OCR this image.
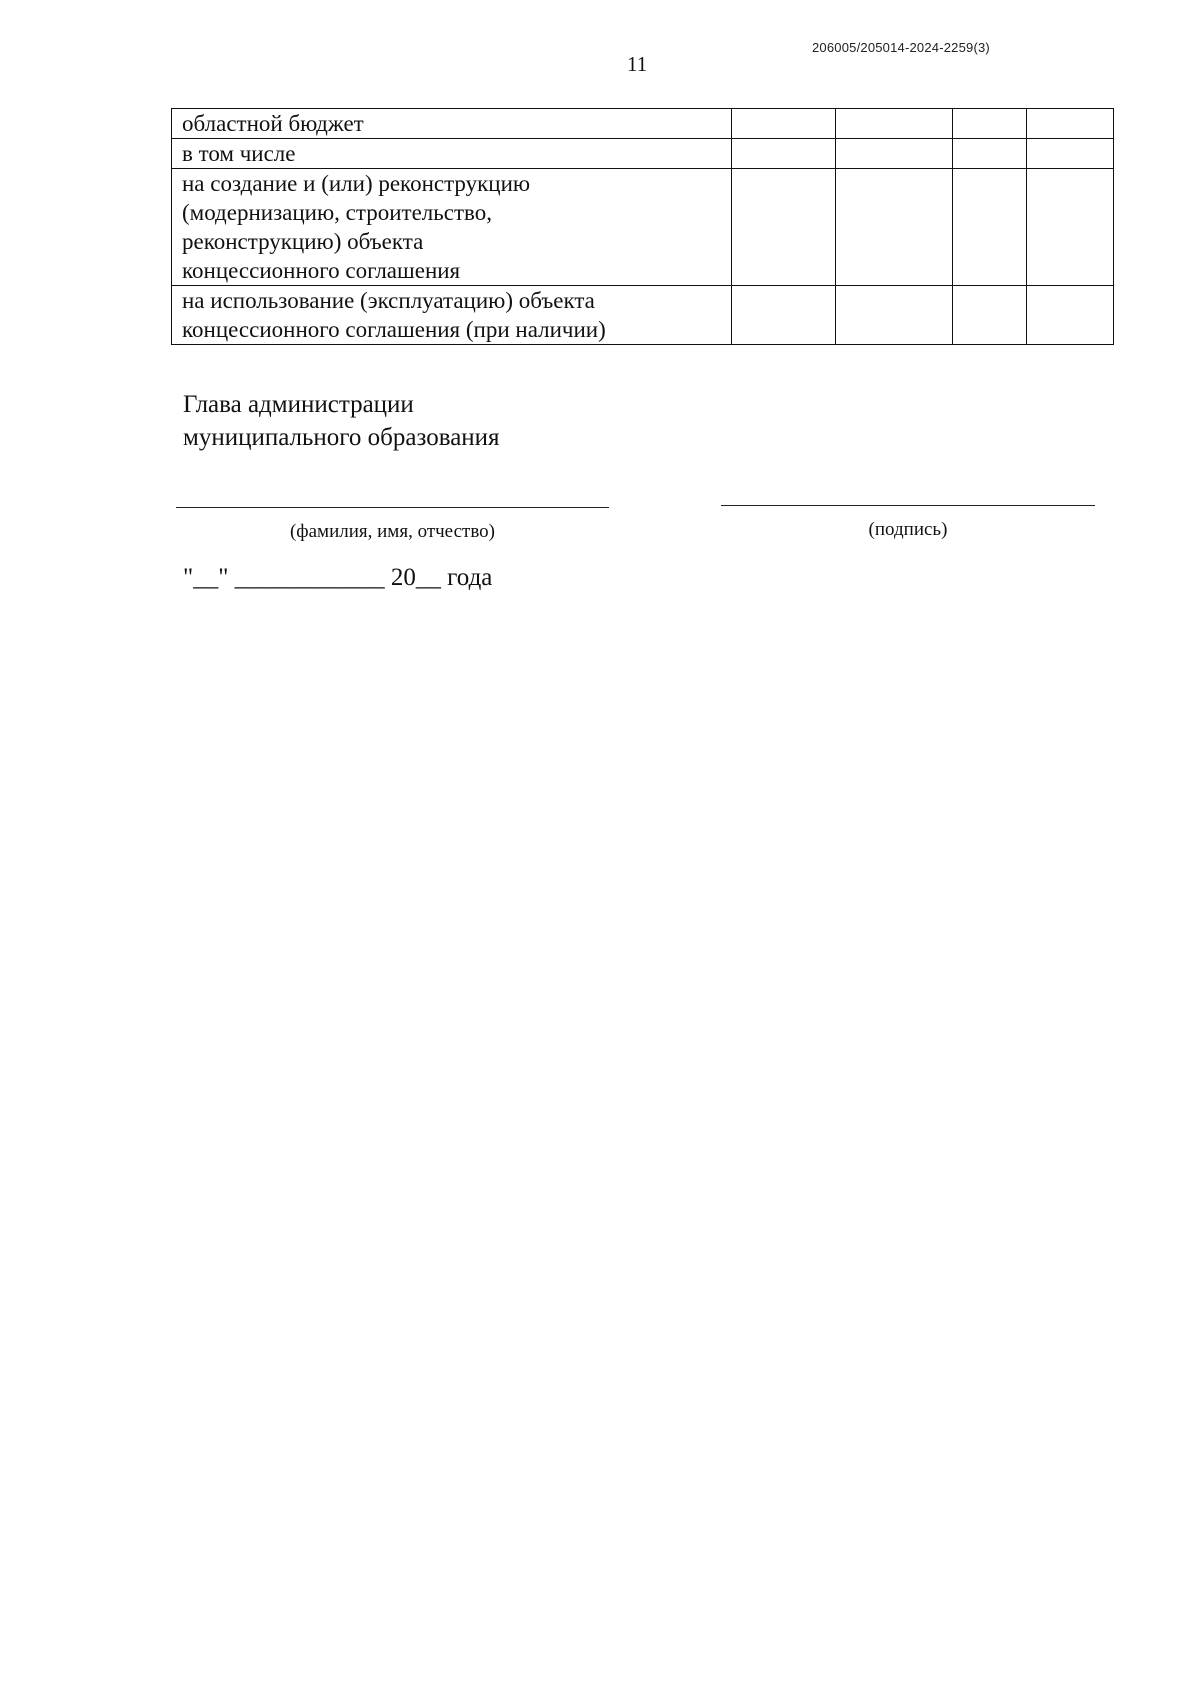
206005/205014-2024-2259(3)
11
областной бюджет				

в том числе				

на создание и (или) реконструкцию
(модернизацию, строительство,
реконструкцию) объекта
концессионного соглашения				

на использование (эксплуатацию) объекта
концессионного соглашения (при наличии)				

Глава администрации
муниципального образования
(фамилия, имя, отчество)	(подпись)
"__" ____________ 20__ года
